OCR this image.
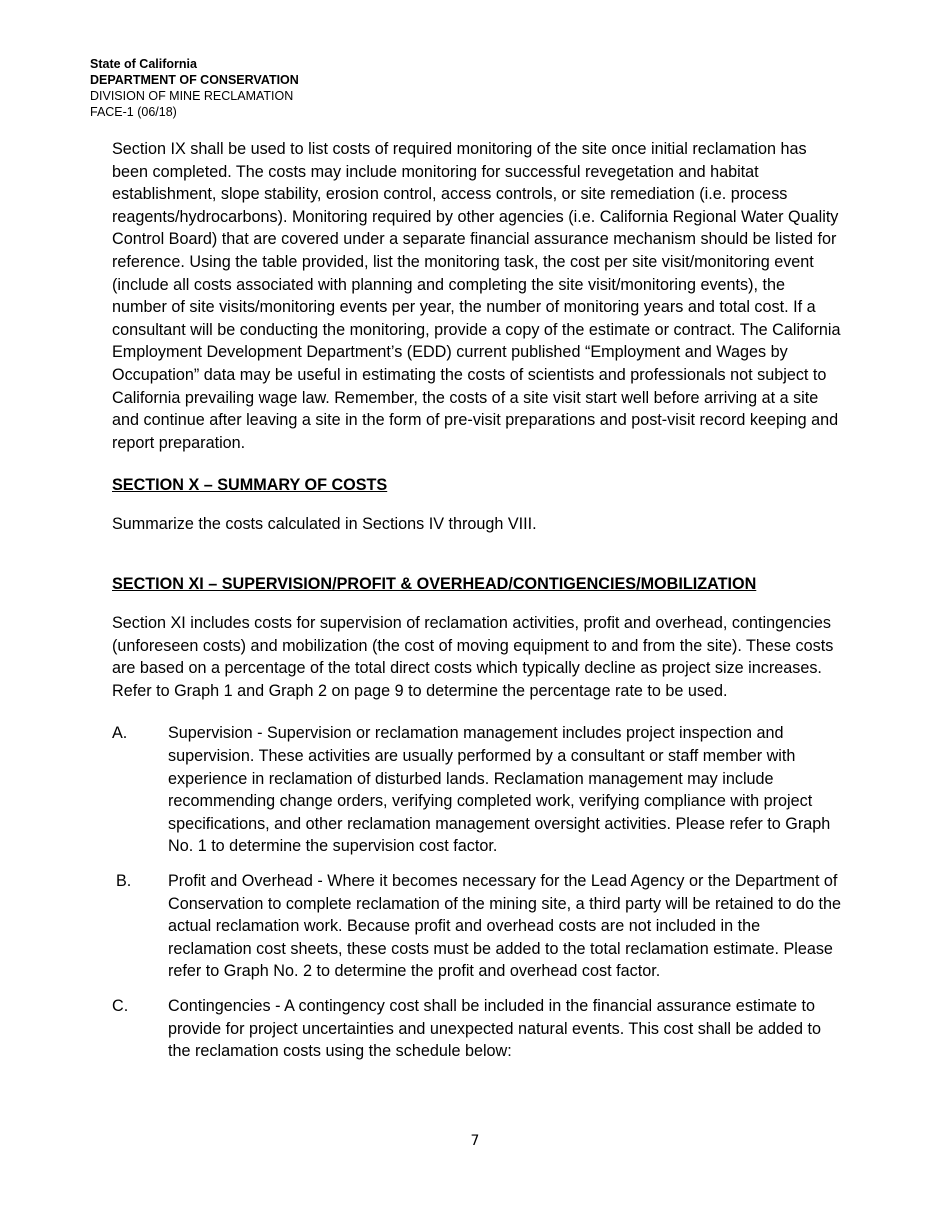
State of California
DEPARTMENT OF CONSERVATION
DIVISION OF MINE RECLAMATION
FACE-1 (06/18)

Section IX shall be used to list costs of required monitoring of the site once initial reclamation has been completed. The costs may include monitoring for successful revegetation and habitat establishment, slope stability, erosion control, access controls, or site remediation (i.e. process reagents/hydrocarbons). Monitoring required by other agencies (i.e. California Regional Water Quality Control Board) that are covered under a separate financial assurance mechanism should be listed for reference. Using the table provided, list the monitoring task, the cost per site visit/monitoring event (include all costs associated with planning and completing the site visit/monitoring events), the number of site visits/monitoring events per year, the number of monitoring years and total cost. If a consultant will be conducting the monitoring, provide a copy of the estimate or contract. The California Employment Development Department’s (EDD) current published “Employment and Wages by Occupation” data may be useful in estimating the costs of scientists and professionals not subject to California prevailing wage law. Remember, the costs of a site visit start well before arriving at a site and continue after leaving a site in the form of pre-visit preparations and post-visit record keeping and report preparation.

SECTION X – SUMMARY OF COSTS

Summarize the costs calculated in Sections IV through VIII.

SECTION XI – SUPERVISION/PROFIT & OVERHEAD/CONTIGENCIES/MOBILIZATION

Section XI includes costs for supervision of reclamation activities, profit and overhead, contingencies (unforeseen costs) and mobilization (the cost of moving equipment to and from the site). These costs are based on a percentage of the total direct costs which typically decline as project size increases. Refer to Graph 1 and Graph 2 on page 9 to determine the percentage rate to be used.

A.	Supervision - Supervision or reclamation management includes project inspection and supervision. These activities are usually performed by a consultant or staff member with experience in reclamation of disturbed lands. Reclamation management may include recommending change orders, verifying completed work, verifying compliance with project specifications, and other reclamation management oversight activities. Please refer to Graph No. 1 to determine the supervision cost factor.
B.	Profit and Overhead - Where it becomes necessary for the Lead Agency or the Department of Conservation to complete reclamation of the mining site, a third party will be retained to do the actual reclamation work. Because profit and overhead costs are not included in the reclamation cost sheets, these costs must be added to the total reclamation estimate. Please refer to Graph No. 2 to determine the profit and overhead cost factor.
C.	Contingencies - A contingency cost shall be included in the financial assurance estimate to provide for project uncertainties and unexpected natural events. This cost shall be added to the reclamation costs using the schedule below:
7
